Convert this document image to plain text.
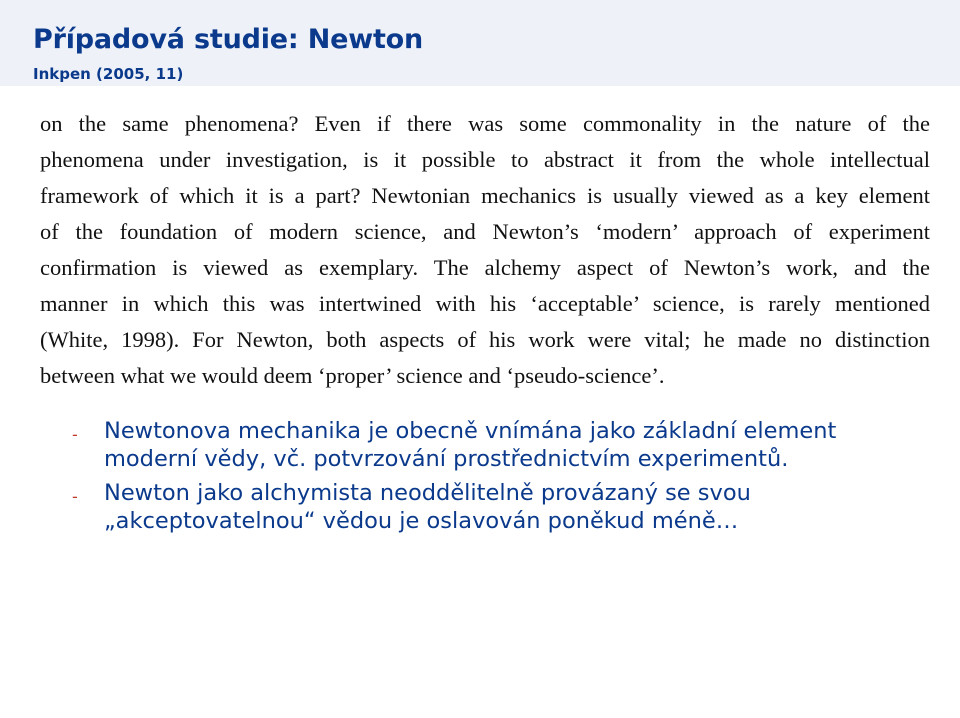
Případová studie: Newton
Inkpen (2005, 11)
on the same phenomena? Even if there was some commonality in the nature of the
phenomena under investigation, is it possible to abstract it from the whole intellectual
framework of which it is a part? Newtonian mechanics is usually viewed as a key element
of the foundation of modern science, and Newton’s ‘modern’ approach of experiment
confirmation is viewed as exemplary. The alchemy aspect of Newton’s work, and the
manner in which this was intertwined with his ‘acceptable’ science, is rarely mentioned
(White, 1998). For Newton, both aspects of his work were vital; he made no distinction
between what we would deem ‘proper’ science and ‘pseudo-science’.
- Newtonova mechanika je obecně vnímána jako základní element
moderní vědy, vč. potvrzování prostřednictvím experimentů.
- Newton jako alchymista neoddělitelně provázaný se svou
„akceptovatelnou“ vědou je oslavován poněkud méně…
